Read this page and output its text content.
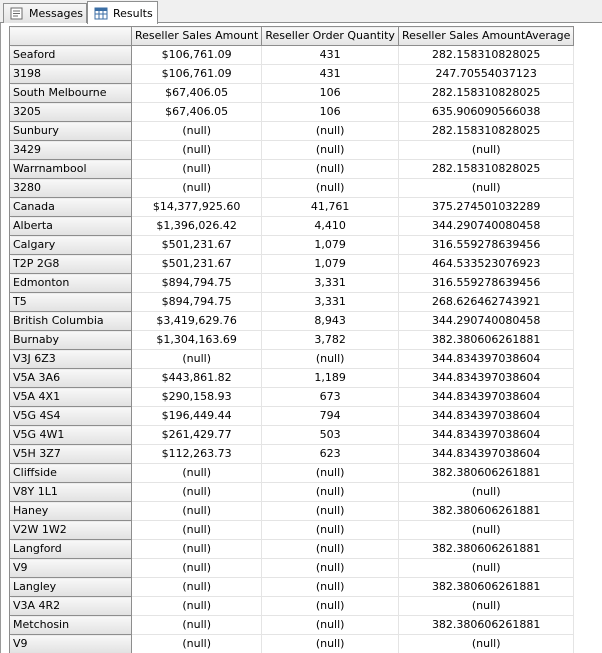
Messages	Results
	Reseller Sales Amount	Reseller Order Quantity	Reseller Sales AmountAverage
Seaford	$106,761.09	431	282.158310828025
3198	$106,761.09	431	247.70554037123
South Melbourne	$67,406.05	106	282.158310828025
3205	$67,406.05	106	635.906090566038
Sunbury	(null)	(null)	282.158310828025
3429	(null)	(null)	(null)
Warrnambool	(null)	(null)	282.158310828025
3280	(null)	(null)	(null)
Canada	$14,377,925.60	41,761	375.274501032289
Alberta	$1,396,026.42	4,410	344.290740080458
Calgary	$501,231.67	1,079	316.559278639456
T2P 2G8	$501,231.67	1,079	464.533523076923
Edmonton	$894,794.75	3,331	316.559278639456
T5	$894,794.75	3,331	268.626462743921
British Columbia	$3,419,629.76	8,943	344.290740080458
Burnaby	$1,304,163.69	3,782	382.380606261881
V3J 6Z3	(null)	(null)	344.834397038604
V5A 3A6	$443,861.82	1,189	344.834397038604
V5A 4X1	$290,158.93	673	344.834397038604
V5G 4S4	$196,449.44	794	344.834397038604
V5G 4W1	$261,429.77	503	344.834397038604
V5H 3Z7	$112,263.73	623	344.834397038604
Cliffside	(null)	(null)	382.380606261881
V8Y 1L1	(null)	(null)	(null)
Haney	(null)	(null)	382.380606261881
V2W 1W2	(null)	(null)	(null)
Langford	(null)	(null)	382.380606261881
V9	(null)	(null)	(null)
Langley	(null)	(null)	382.380606261881
V3A 4R2	(null)	(null)	(null)
Metchosin	(null)	(null)	382.380606261881
V9	(null)	(null)	(null)
